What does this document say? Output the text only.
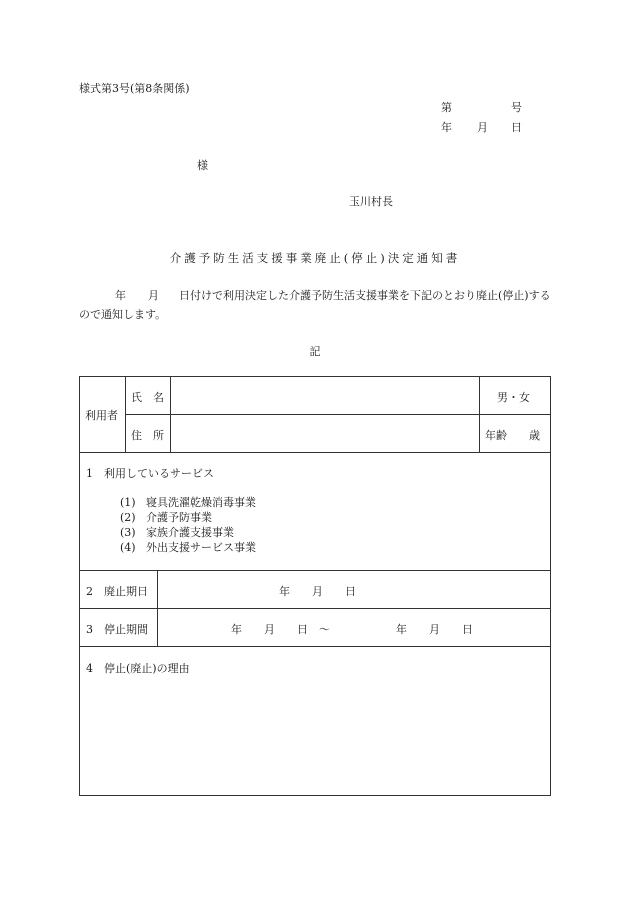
様式第3号(第8条関係)
第	号
年 月 日
様
玉川村長
介護予防生活支援事業廃止(停止)決定通知書
年 月 日付けで利用決定した介護予防生活支援事業を下記のとおり廃止(停止)するので通知します。
記
利用者
氏　名	男・女
住　所	年齢　　歳
1　利用しているサービス
(1) 寝具洗濯乾燥消毒事業
(2) 介護予防事業
(3) 家族介護支援事業
(4) 外出支援サービス事業
2　廃止期日	年　　月　　日
3　停止期間	年　　月　　日　〜	年　　月　　日
4　停止(廃止)の理由
